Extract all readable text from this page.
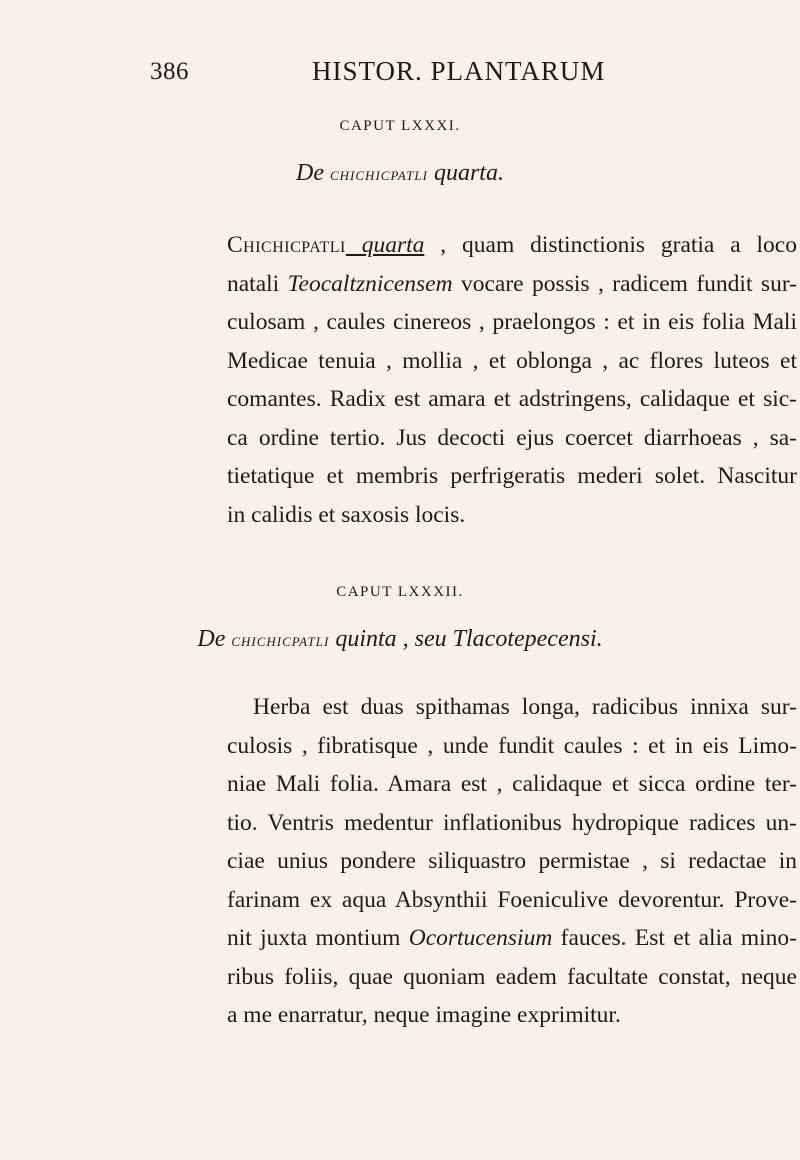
386	HISTOR. PLANTARUM
CAPUT LXXXI.
De chichicpatli quarta.
Chichicpatli quarta , quam distinctionis gratia a loco
natali Teocaltznicensem vocare possis , radicem fundit sur-
culosam , caules cinereos , praelongos : et in eis folia Mali
Medicae tenuia , mollia , et oblonga , ac flores luteos et
comantes. Radix est amara et adstringens, calidaque et sic-
ca ordine tertio. Jus decocti ejus coercet diarrhoeas , sa-
tietatique et membris perfrigeratis mederi solet. Nascitur
in calidis et saxosis locis.
CAPUT LXXXII.
De chichicpatli quinta , seu Tlacotepecensi.
Herba est duas spithamas longa, radicibus innixa sur-
culosis , fibratisque , unde fundit caules : et in eis Limo-
niae Mali folia. Amara est , calidaque et sicca ordine ter-
tio. Ventris medentur inflationibus hydropique radices un-
ciae unius pondere siliquastro permistae , si redactae in
farinam ex aqua Absynthii Foeniculive devorentur. Prove-
nit juxta montium Ocortucensium fauces. Est et alia mino-
ribus foliis, quae quoniam eadem facultate constat, neque
a me enarratur, neque imagine exprimitur.
